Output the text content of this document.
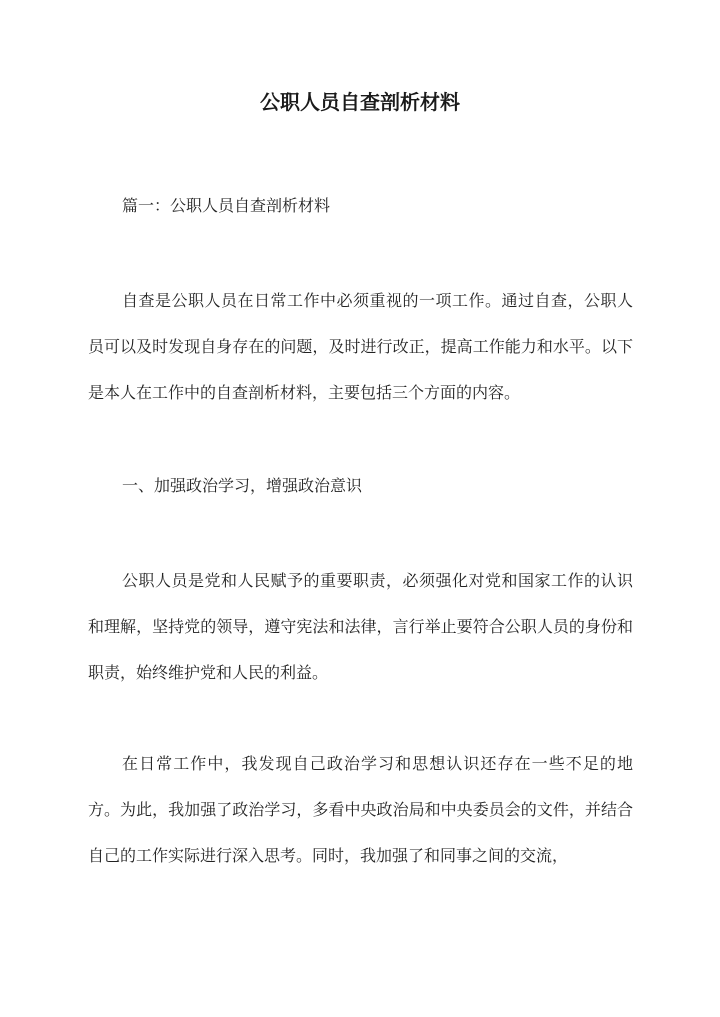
公职人员自查剖析材料

篇一：公职人员自查剖析材料

自查是公职人员在日常工作中必须重视的一项工作。通过自查，公职人员可以及时发现自身存在的问题，及时进行改正，提高工作能力和水平。以下是本人在工作中的自查剖析材料，主要包括三个方面的内容。

一、加强政治学习，增强政治意识

公职人员是党和人民赋予的重要职责，必须强化对党和国家工作的认识和理解，坚持党的领导，遵守宪法和法律，言行举止要符合公职人员的身份和职责，始终维护党和人民的利益。

在日常工作中，我发现自己政治学习和思想认识还存在一些不足的地方。为此，我加强了政治学习，多看中央政治局和中央委员会的文件，并结合自己的工作实际进行深入思考。同时，我加强了和同事之间的交流，
